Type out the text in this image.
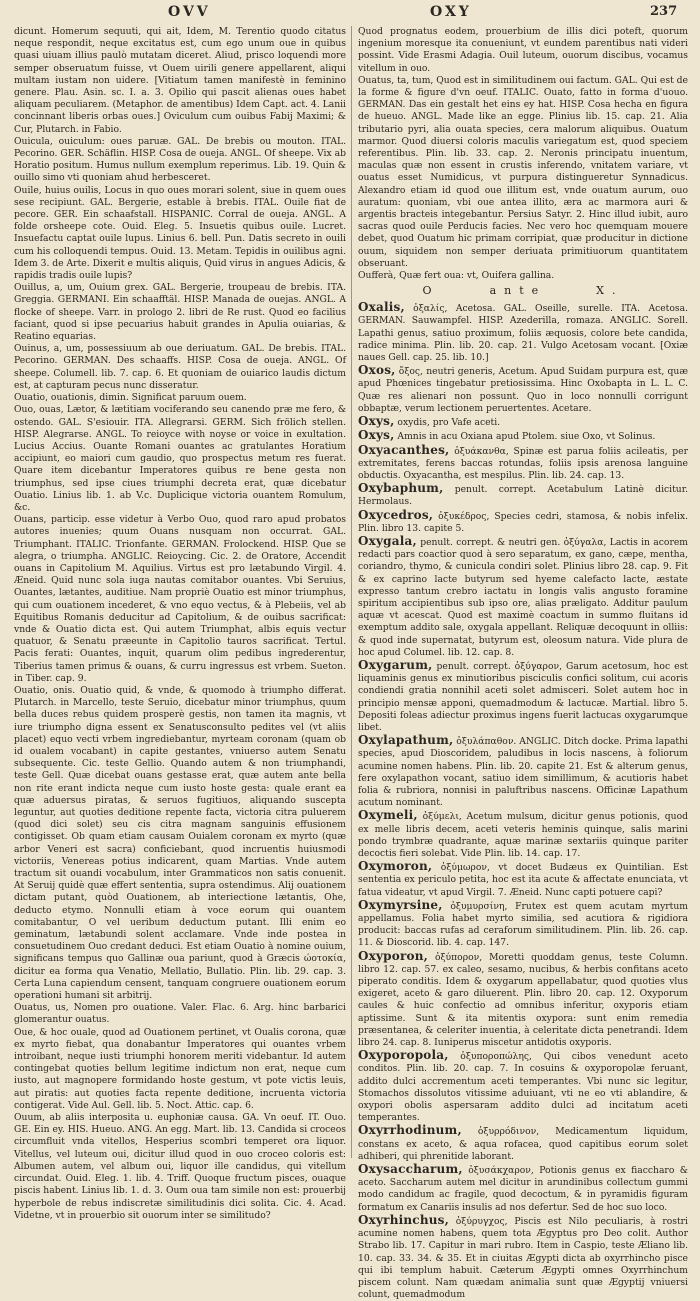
OVV	OXY	237

dicunt. Homerum sequuti, qui ait, Idem, M. Terentio quodo citatus neque respondit, neque excitatus est, cum ego unum oue in quibus quasi uiuam illius paulò mutatam diceret. Aliud, prisco loquendi more semper obseruatum fuisse, vt Ouem uirili genere appellarent, aliqui multam iustam non uidere. [Vitiatum tamen manifestè in feminino genere. Plau. Asin. sc. I. a. 3. Opilio qui pascit alienas oues habet aliquam peculiarem. (Metaphor. de amentibus) Idem Capt. act. 4. Lanii concinnant liberis orbas oues.] Oviculum cum ouibus Fabij Maximi; & Cur, Plutarch. in Fabio.

Ouicula, ouiculum: oues paruæ. GAL. De brebis ou mouton. ITAL. Pecorino. GER. Schäflin. HISP. Cosa de oueja. ANGL. Of sheepe. Vix ab Horatio positum. Humus nullum exemplum reperimus. Lib. 19. Quin & ouillo simo vti quoniam ahud herbesceret.

Ouile, huius ouilis, Locus in quo oues morari solent, siue in quem oues sese recipiunt. GAL. Bergerie, estable à brebis. ITAL. Ouile fiat de pecore. GER. Ein schaafstall. HISPANIC. Corral de oueja. ANGL. A folde orsheepe cote. Ouid. Eleg. 5. Insuetis quibus ouile. Lucret. Insuefactu captat ouile lupus. Linius 6. bell. Pun. Datis secreto in ouili cum his colloquendi tempus. Ouid. 13. Metam. Tepidis in ouilibus agni. Idem 3. de Arte. Dixerit e multis aliquis, Quid virus in angues Adicis, & rapidis tradis ouile lupis?

Ouillus, a, um, Ouium grex. GAL. Bergerie, troupeau de brebis. ITA. Greggia. GERMANI. Ein schaafftäl. HISP. Manada de ouejas. ANGL. A flocke of sheepe. Varr. in prologo 2. libri de Re rust. Quod eo facilius faciant, quod si ipse pecuarius habuit grandes in Apulia ouiarias, & Reatino equarias.

Ouinus, a, um, possessiuum ab oue deriuatum. GAL. De brebis. ITAL. Pecorino. GERMAN. Des schaaffs. HISP. Cosa de oueja. ANGL. Of sheepe. Columell. lib. 7. cap. 6. Et quoniam de ouiarico laudis dictum est, at capturam pecus nunc disseratur.

Ouatio, ouationis, dimin. Significat paruum ouem.

Ouo, ouas, Lætor, & lætitiam vociferando seu canendo præ me fero, & ostendo. GAL. S'esiouir. ITA. Allegrarsi. GERM. Sich frölich stellen. HISP. Alegrarse. ANGL. To reioyce with noyse or voice in exultation. Lucius Accius. Ouante Romani ouantes ac gratulantes Horatium accipiunt, eo maiori cum gaudio, quo prospectus metum res fuerat. Quare item dicebantur Imperatores quibus re bene gesta non triumphus, sed ipse ciues triumphi decreta erat, quæ dicebatur Ouatio. Linius lib. 1. ab V.c. Duplicique victoria ouantem Romulum, &c.

Ouans, particip. esse videtur à Verbo Ouo, quod raro apud probatos autores inuenies; quum Ouans nusquam non occurrat. GAL. Triumphant. ITALIC. Trionfante. GERMAN. Frolockend. HISP. Que se alegra, o triumpha. ANGLIC. Reioycing. Cic. 2. de Oratore, Accendit ouans in Capitolium M. Aquilius. Virtus est pro lætabundo Virgil. 4. Æneid. Quid nunc sola iuga nautas comitabor ouantes. Vbi Seruius, Ouantes, lætantes, auditiue. Nam propriè Ouatio est minor triumphus, qui cum ouationem incederet, & vno equo vectus, & à Plebeiis, vel ab Equitibus Romanis deducitur ad Capitolium, & de ouibus sacrificat: vnde & Ouatio dicta est. Qui autem Triumphat, albis equis vectur quatuor, & Senatu præeunte in Capitolio tauros sacrificat. Tertul. Pacis ferati: Ouantes, inquit, quarum olim pedibus ingrederentur, Tiberius tamen primus & ouans, & curru ingressus est vrbem. Sueton. in Tiber. cap. 9.

Ouatio, onis. Ouatio quid, & vnde, & quomodo à triumpho differat. Plutarch. in Marcello, teste Seruio, dicebatur minor triumphus, quum bella duces rebus quidem prosperè gestis, non tamen ita magnis, vt iure triumpho digna essent ex Senatusconsulto pedites vel (vt aliis placet) equo vecti vrbem ingrediebantur, myrteam coronam (quam ob id oualem vocabant) in capite gestantes, vniuerso autem Senatu subsequente. Cic. teste Gellio. Quando autem & non triumphandi, teste Gell. Quæ dicebat ouans gestasse erat, quæ autem ante bella non rite erant indicta neque cum iusto hoste gesta: quale erant ea quæ aduersus piratas, & seruos fugitiuos, aliquando suscepta leguntur, aut quoties deditione repente facta, victoria citra puluerem (quod dici solet) seu cis citra magnam sanguinis effusionem contigisset. Ob quam etiam causam Ouialem coronam ex myrto (quæ arbor Veneri est sacra) conficiebant, quod incruentis huiusmodi victoriis, Venereas potius indicarent, quam Martias. Vnde autem tractum sit ouandi vocabulum, inter Grammaticos non satis conuenit. At Seruij quidè quæ effert sententia, supra ostendimus. Alij ouationem dictam putant, quòd Ouationem, ab interiectione lætantis, Ohe, deducto etymo. Nonnulli etiam à voce eorum qui ouantem comitabantur, O vel ueribum deductum putant. Illi enim eo geminatum, lætabundi solent acclamare. Vnde inde postea in consuetudinem Ouo credant deduci. Est etiam Ouatio à nomine ouium, significans tempus quo Gallinæ oua pariunt, quod à Græcis ώοτοκία, dicitur ea forma qua Venatio, Mellatio, Bullatio. Plin. lib. 29. cap. 3. Certa Luna capiendum censent, tanquam congruere ouationem eorum operationi humani sit arbitrij.

Ouatus, us, Nomen pro ouatione. Valer. Flac. 6. Arg. hinc barbarici glomerantur ouatus.

Oue, & hoc ouale, quod ad Ouationem pertinet, vt Oualis corona, quæ ex myrto fiebat, qua donabantur Imperatores qui ouantes vrbem introibant, neque iusti triumphi honorem meriti videbantur. Id autem contingebat quoties bellum legitime indictum non erat, neque cum iusto, aut magnopere formidando hoste gestum, vt pote victis leuis, aut piratis: aut quoties facta repente deditione, incruenta victoria contigerat. Vide Aul. Gell. lib. 5. Noct. Attic. cap. 6.

Ouum, ab aliis interposita u. euphoniæ causa. GA. Vn oeuf. IT. Ouo. GE. Ein ey. HIS. Hueuo. ANG. An egg. Mart. lib. 13. Candida si croceos circumfluit vnda vitellos, Hesperius scombri temperet ora liquor. Vitellus, vel luteum oui, dicitur illud quod in ouo croceo coloris est: Albumen autem, vel album oui, liquor ille candidus, qui vitellum circundat. Ouid. Eleg. 1. lib. 4. Triff. Quoque fructum pisces, ouaque piscis habent. Linius lib. 1. d. 3. Oum oua tam simile non est: prouerbij hyperbole de rebus indiscretæ similitudinis dici solita. Cic. 4. Acad. Videtne, vt in prouerbio sit ouorum inter se similitudo?

Quod prognatus eodem, prouerbium de illis dici poteft, quorum ingenium moresque ita conueniunt, vt eundem parentibus nati videri possint. Vide Erasmi Adagia. Ouil luteum, ouorum discibus, vocamus vitellum in ouo.

Ouatus, ta, tum, Quod est in similitudinem oui factum. GAL. Qui est de la forme & figure d'vn oeuf. ITALIC. Ouato, fatto in forma d'uouo. GERMAN. Das ein gestalt het eins ey hat. HISP. Cosa hecha en figura de hueuo. ANGL. Made like an egge. Plinius lib. 15. cap. 21. Alia tributario pyri, alia ouata species, cera malorum aliquibus. Ouatum marmor. Quod diuersi coloris maculis variegatum est, quod speciem referentibus. Plin. lib. 33. cap. 2. Neronis principatu inuentum, maculas quæ non essent in crustis inferendo, vnitatem variare, vt ouatus esset Numidicus, vt purpura distingueretur Synnadicus. Alexandro etiam id quod oue illitum est, vnde ouatum aurum, ouo auratum: quoniam, vbi oue antea illito, æra ac marmora auri & argentis bracteis integebantur. Persius Satyr. 2. Hinc illud iubit, auro sacras quod ouile Perducis facies. Nec vero hoc quemquam mouere debet, quod Ouatum hic primam corripiat, quæ producitur in dictione ouum, siquidem non semper deriuata primitiuorum quantitatem obseruant.

Oufferà, Quæ fert oua: vt, Ouifera gallina.

O	ante	X.

Oxalis, ὀξαλίς, Acetosa. GAL. Oseille, surelle. ITA. Acetosa. GERMAN. Sauwampfel. HISP. Azederilla, romaza. ANGLIC. Sorell. Lapathi genus, satiuo proximum, foliis æquosis, colore bete candida, radice minima. Plin. lib. 20. cap. 21. Vulgo Acetosam vocant. [Oxiæ naues Gell. cap. 25. lib. 10.]

Oxos, ὄξος, neutri generis, Acetum. Apud Suidam purpura est, quæ apud Phœnices tingebatur pretiosissima. Hinc Oxobapta in L. L. C. Quæ res alienari non possunt. Quo in loco nonnulli corrigunt obbaptæ, verum lectionem peruertentes. Acetare.

Oxys, oxydis, pro Vafe aceti.

Oxys, Amnis in acu Oxiana apud Ptolem. siue Oxo, vt Solinus.

Oxyacanthes, ὀξυάκανθα, Spinæ est parua foliis acileatis, per extremitates, ferens baccas rotundas, foliis ipsis arenosa languine obductis. Oxyacantha, est mespilus. Plin. lib. 24. cap. 13.

Oxybaphum, penult. corrept. Acetabulum Latinè dicitur. Hermolaus.

Oxycedros, ὀξυκέδρος, Species cedri, stamosa, & nobis infelix. Plin. libro 13. capite 5.

Oxygala, penult. corrept. & neutri gen. ὀξύγαλα, Lactis in acorem redacti pars coactior quod à sero separatum, ex gano, cæpe, mentha, coriandro, thymo, & cunicula condiri solet. Plinius libro 28. cap. 9. Fit & ex caprino lacte butyrum sed hyeme calefacto lacte, æstate expresso tantum crebro iactatu in longis valis angusto foramine spiritum accipientibus sub ipso ore, alias præligato. Additur paulum aquæ vt acescat. Quod est maximè coactum in summo fluitans id exemptum addito sale, oxygala appellant. Reliquæ decoquunt in olliis: & quod inde supernatat, butyrum est, oleosum natura. Vide plura de hoc apud Columel. lib. 12. cap. 8.

Oxygarum, penult. corrept. ὀξύγαρον, Garum acetosum, hoc est liquaminis genus ex minutioribus pisciculis confici solitum, cui acoris condiendi gratia nonnihil aceti solet admisceri. Solet autem hoc in principio mensæ apponi, quemadmodum & lactucæ. Martial. libro 5. Depositi foleas adiectur proximus ingens fuerit lactucas oxygarumque libet.

Oxylapathum, ὀξυλάπαθον. ANGLIC. Ditch docke. Prima lapathi species, apud Dioscoridem, paludibus in locis nascens, à foliorum acumine nomen habens. Plin. lib. 20. capite 21. Est & alterum genus, fere oxylapathon vocant, satiuo idem simillimum, & acutioris habet folia & rubriora, nonnisi in paluftribus nascens. Officinæ Lapathum acutum nominant.

Oxymeli, ὀξύμελι, Acetum mulsum, dicitur genus potionis, quod ex melle libris decem, aceti veteris heminis quinque, salis marini pondo trymbræ quadrante, aquæ marinæ sextariis quinque pariter decoctis fieri solebat. Vide Plin. lib. 14. cap. 17.

Oxymoron, ὀξύμωρον, vt docet Budæus ex Quintilian. Est sententia ex periculo petita, hoc est ita acute & affectate enunciata, vt fatua videatur, vt apud Virgil. 7. Æneid. Nunc capti potuere capi?

Oxymyrsine, ὀξυμυρσίνη, Frutex est quem acutam myrtum appellamus. Folia habet myrto similia, sed acutiora & rigidiora producit: baccas rufas ad ceraforum similitudinem. Plin. lib. 26. cap. 11. & Dioscorid. lib. 4. cap. 147.

Oxyporon, ὀξύπορον, Moretti quoddam genus, teste Column. libro 12. cap. 57. ex caleo, sesamo, nucibus, & herbis confitans aceto piperato conditis. Idem & oxygarum appellabatur, quod quoties vlus exigeret, aceto & garo diluerent. Plin. libro 20. cap. 12. Oxyporum caules & huic confectio ad omnibus inferitur, oxyporis etiam aptissime. Sunt & ita mitentis oxypora: sunt enim remedia præsentanea, & celeriter inuentia, à celeritate dicta penetrandi. Idem libro 24. cap. 8. Iuniperus miscetur antidotis oxyporis.

Oxyporopola, ὀξυποροπώλης, Qui cibos venedunt aceto conditos. Plin. lib. 20. cap. 7. In cosuins & oxyporopolæ feruant, addito dulci accrementum aceti temperantes. Vbi nunc sic legitur, Stomachos dissolutos vitissime aduiuant, vti ne eo vti ablandire, & oxypori obolis aspersaram addito dulci ad incitatum aceti temperantes.

Oxyrrhodinum, ὀξυρρόδινον, Medicamentum liquidum, constans ex aceto, & aqua rofacea, quod capitibus eorum solet adhiberi, qui phrenitide laborant.

Oxysaccharum, ὀξυσάκχαρον, Potionis genus ex fiaccharo & aceto. Saccharum autem mel dicitur in arundinibus collectum gummi modo candidum ac fragile, quod decoctum, & in pyramidis figuram formatum ex Canariis insulis ad nos defertur. Sed de hoc suo loco.

Oxyrhinchus, ὀξύρυγχος, Piscis est Nilo peculiaris, à rostri acumine nomen habens, quem tota Ægyptus pro Deo colit. Author Strabo lib. 17. Capitur in mari rubro. Item in Caspio, teste Æliano lib. 10. cap. 33. 34. & 35. Et in ciuitas Ægypti dicta ab oxyrrhincho pisce qui ibi templum habuit. Cæterum Ægypti omnes Oxyrrhinchum piscem colunt. Nam quædam animalia sunt quæ Ægyptij vniuersi colunt, quemadmodum
